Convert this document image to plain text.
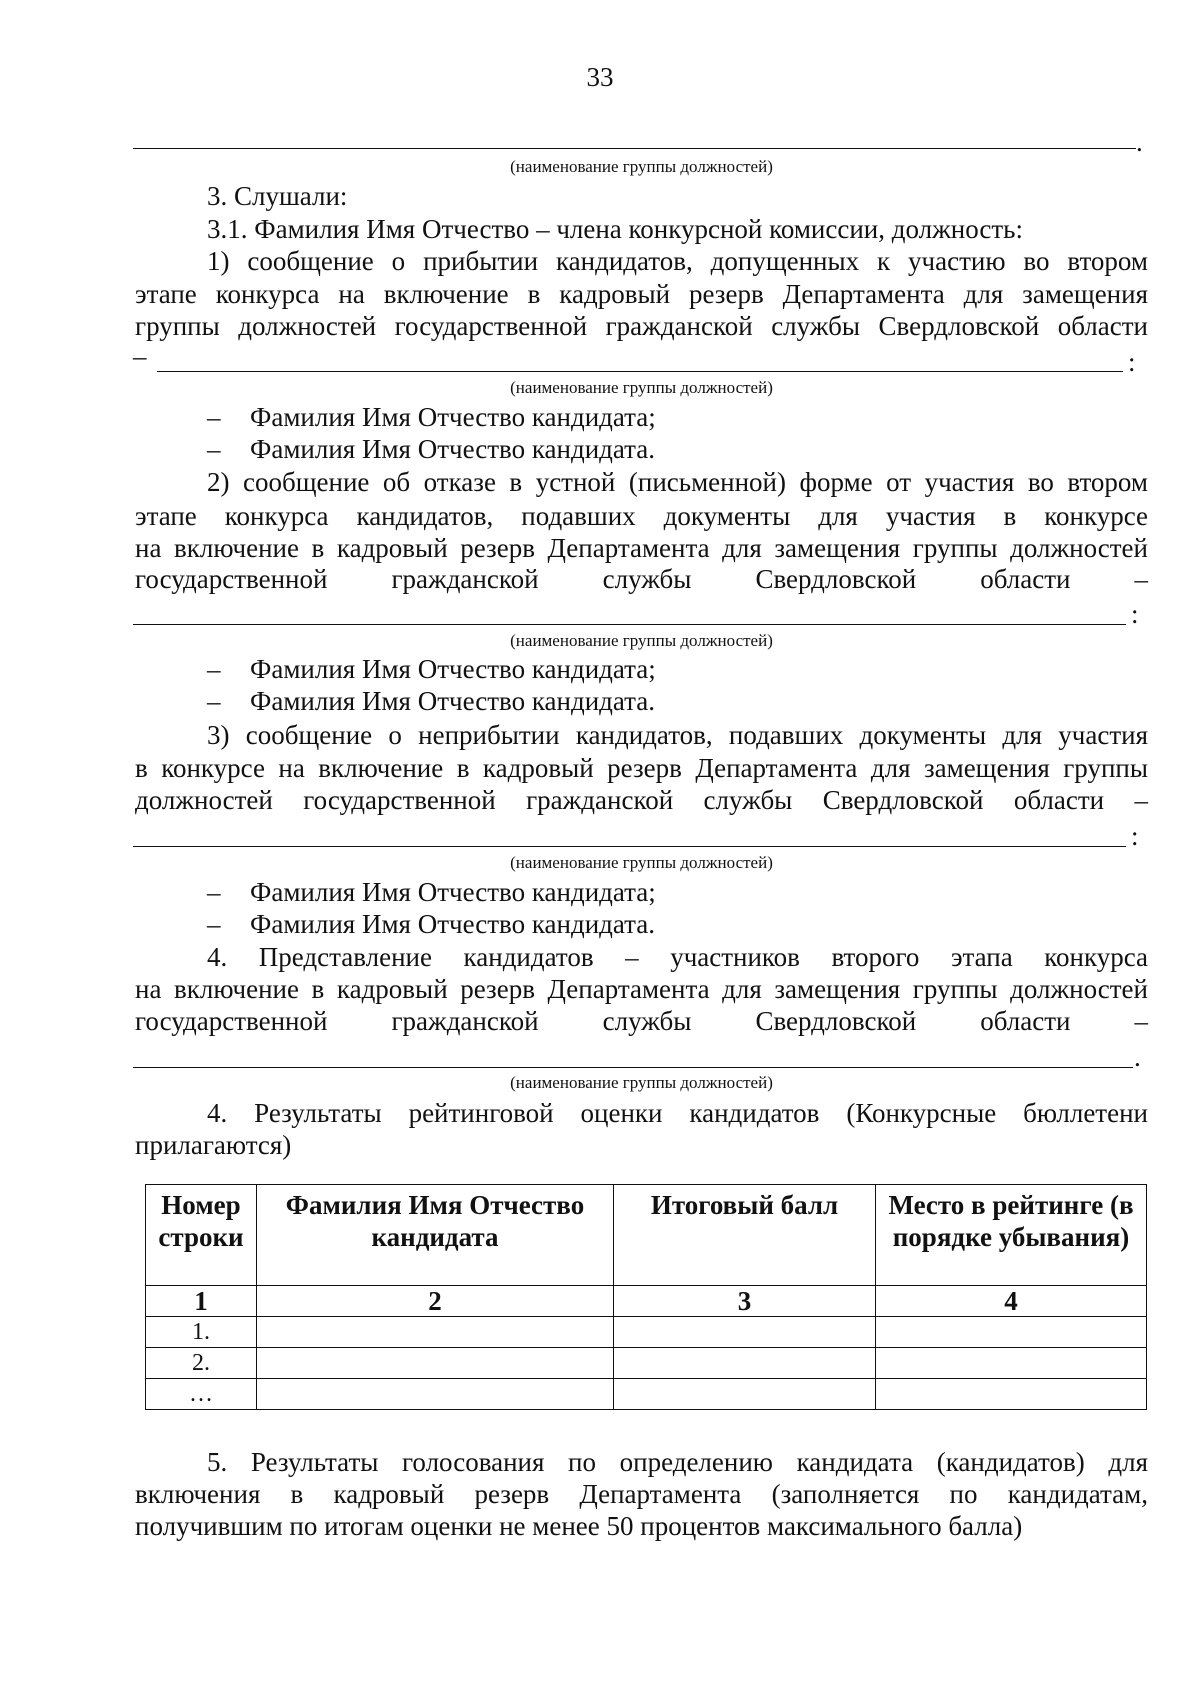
33
.
(наименование группы должностей)
3. Слушали:
3.1. Фамилия Имя Отчество – члена конкурсной комиссии, должность:
1) сообщение о прибытии кандидатов, допущенных к участию во втором
этапе конкурса на включение в кадровый резерв Департамента для замещения
группы должностей государственной гражданской службы Свердловской области
–	:
(наименование группы должностей)
– Фамилия Имя Отчество кандидата;
– Фамилия Имя Отчество кандидата.
2) сообщение об отказе в устной (письменной) форме от участия во втором
этапе конкурса кандидатов, подавших документы для участия в конкурсе
на включение в кадровый резерв Департамента для замещения группы должностей
государственной гражданской службы Свердловской области –
:
(наименование группы должностей)
– Фамилия Имя Отчество кандидата;
– Фамилия Имя Отчество кандидата.
3) сообщение о неприбытии кандидатов, подавших документы для участия
в конкурсе на включение в кадровый резерв Департамента для замещения группы
должностей государственной гражданской службы Свердловской области –
:
(наименование группы должностей)
– Фамилия Имя Отчество кандидата;
– Фамилия Имя Отчество кандидата.
4. Представление кандидатов – участников второго этапа конкурса
на включение в кадровый резерв Департамента для замещения группы должностей
государственной гражданской службы Свердловской области –
.
(наименование группы должностей)
4. Результаты рейтинговой оценки кандидатов (Конкурсные бюллетени
прилагаются)
Номер строки	Фамилия Имя Отчество кандидата	Итоговый балл	Место в рейтинге (в порядке убывания)
1	2	3	4
1.			
2.			
…			
5. Результаты голосования по определению кандидата (кандидатов) для
включения в кадровый резерв Департамента (заполняется по кандидатам,
получившим по итогам оценки не менее 50 процентов максимального балла)
